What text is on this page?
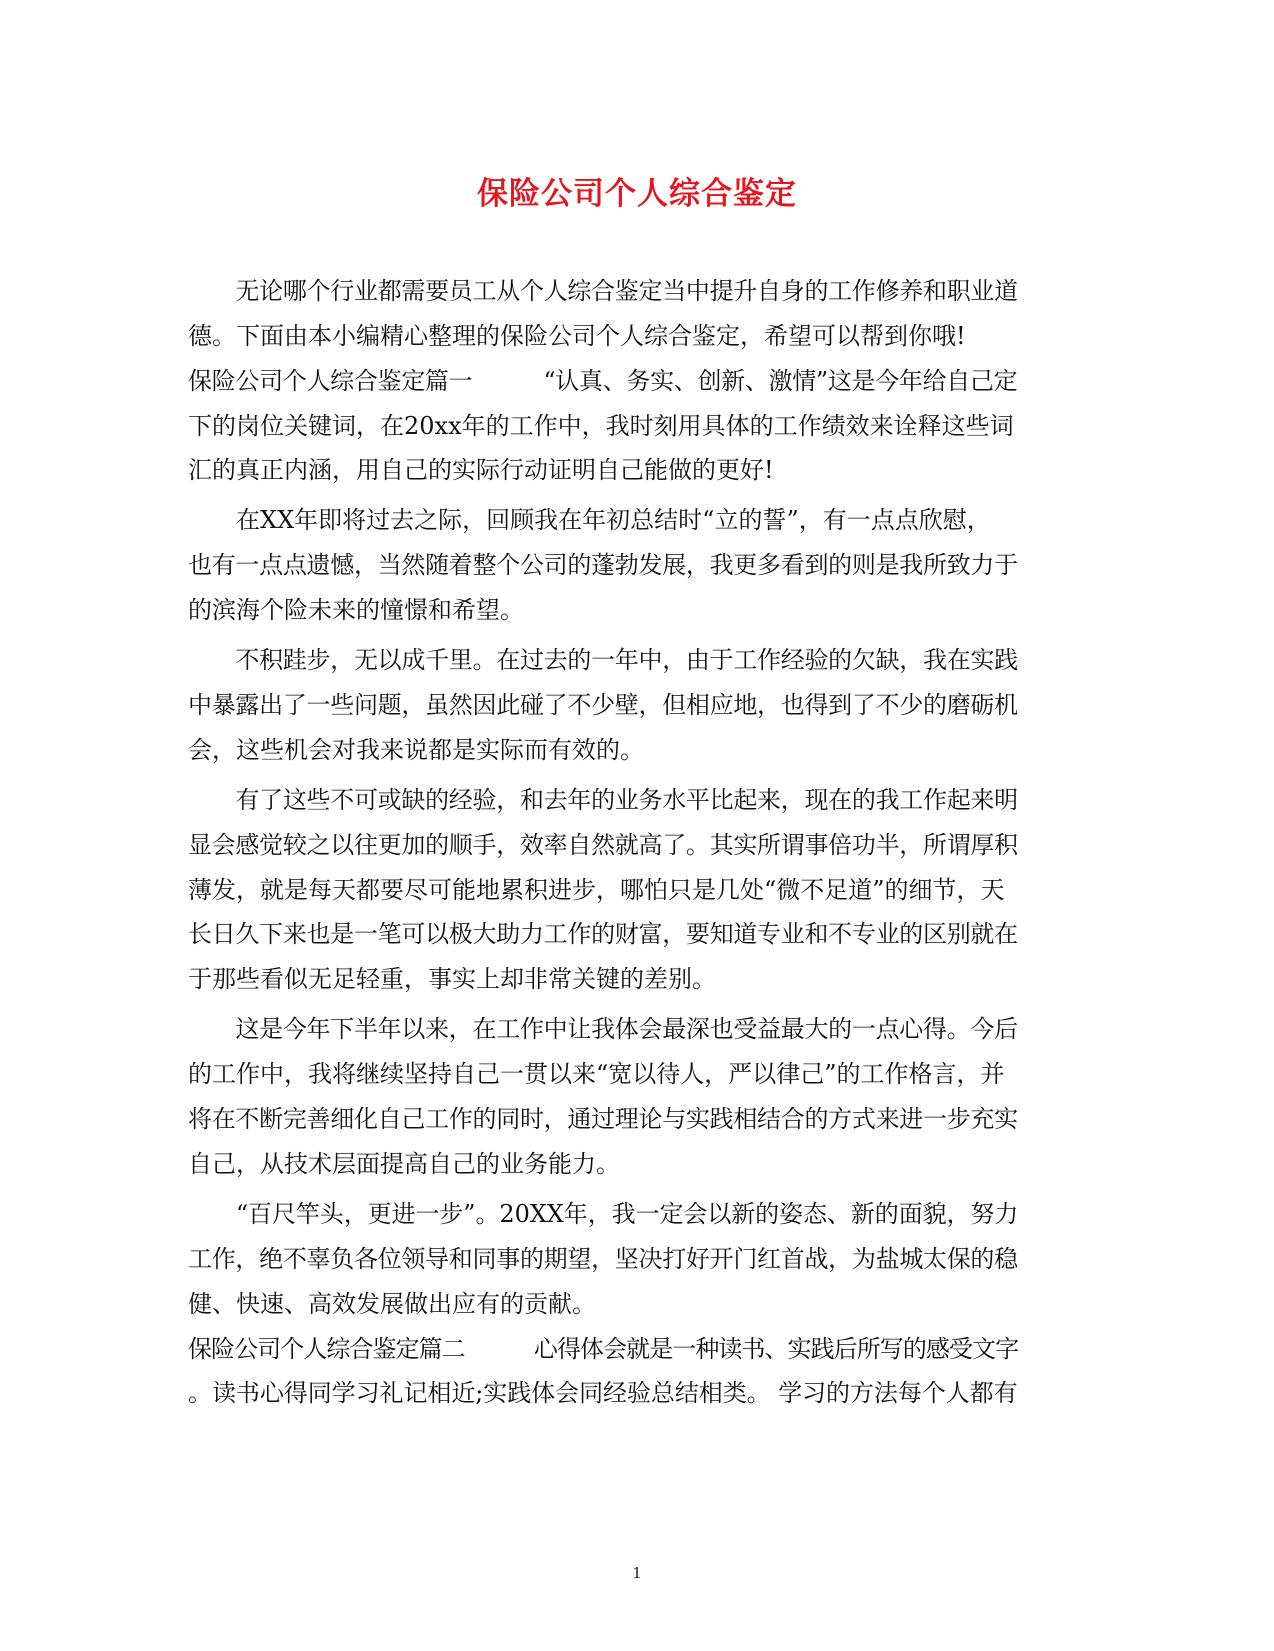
保险公司个人综合鉴定

　　无论哪个行业都需要员工从个人综合鉴定当中提升自身的工作修养和职业道

德。下面由本小编精心整理的保险公司个人综合鉴定，希望可以帮到你哦!

保险公司个人综合鉴定篇一　　　“认真、务实、创新、激情”这是今年给自己定

下的岗位关键词，在20xx年的工作中，我时刻用具体的工作绩效来诠释这些词

汇的真正内涵，用自己的实际行动证明自己能做的更好!

　　在XX年即将过去之际，回顾我在年初总结时“立的誓”，有一点点欣慰，

也有一点点遗憾，当然随着整个公司的蓬勃发展，我更多看到的则是我所致力于

的滨海个险未来的憧憬和希望。

　　不积跬步，无以成千里。在过去的一年中，由于工作经验的欠缺，我在实践

中暴露出了一些问题，虽然因此碰了不少壁，但相应地，也得到了不少的磨砺机

会，这些机会对我来说都是实际而有效的。

　　有了这些不可或缺的经验，和去年的业务水平比起来，现在的我工作起来明

显会感觉较之以往更加的顺手，效率自然就高了。其实所谓事倍功半，所谓厚积

薄发，就是每天都要尽可能地累积进步，哪怕只是几处“微不足道”的细节，天

长日久下来也是一笔可以极大助力工作的财富，要知道专业和不专业的区别就在

于那些看似无足轻重，事实上却非常关键的差别。

　　这是今年下半年以来，在工作中让我体会最深也受益最大的一点心得。今后

的工作中，我将继续坚持自己一贯以来“宽以待人，严以律己”的工作格言，并

将在不断完善细化自己工作的同时，通过理论与实践相结合的方式来进一步充实

自己，从技术层面提高自己的业务能力。

　　“百尺竿头，更进一步”。20XX年，我一定会以新的姿态、新的面貌，努力

工作，绝不辜负各位领导和同事的期望，坚决打好开门红首战，为盐城太保的稳

健、快速、高效发展做出应有的贡献。

保险公司个人综合鉴定篇二　　　心得体会就是一种读书、实践后所写的感受文字

。读书心得同学习礼记相近;实践体会同经验总结相类。 学习的方法每个人都有

1
